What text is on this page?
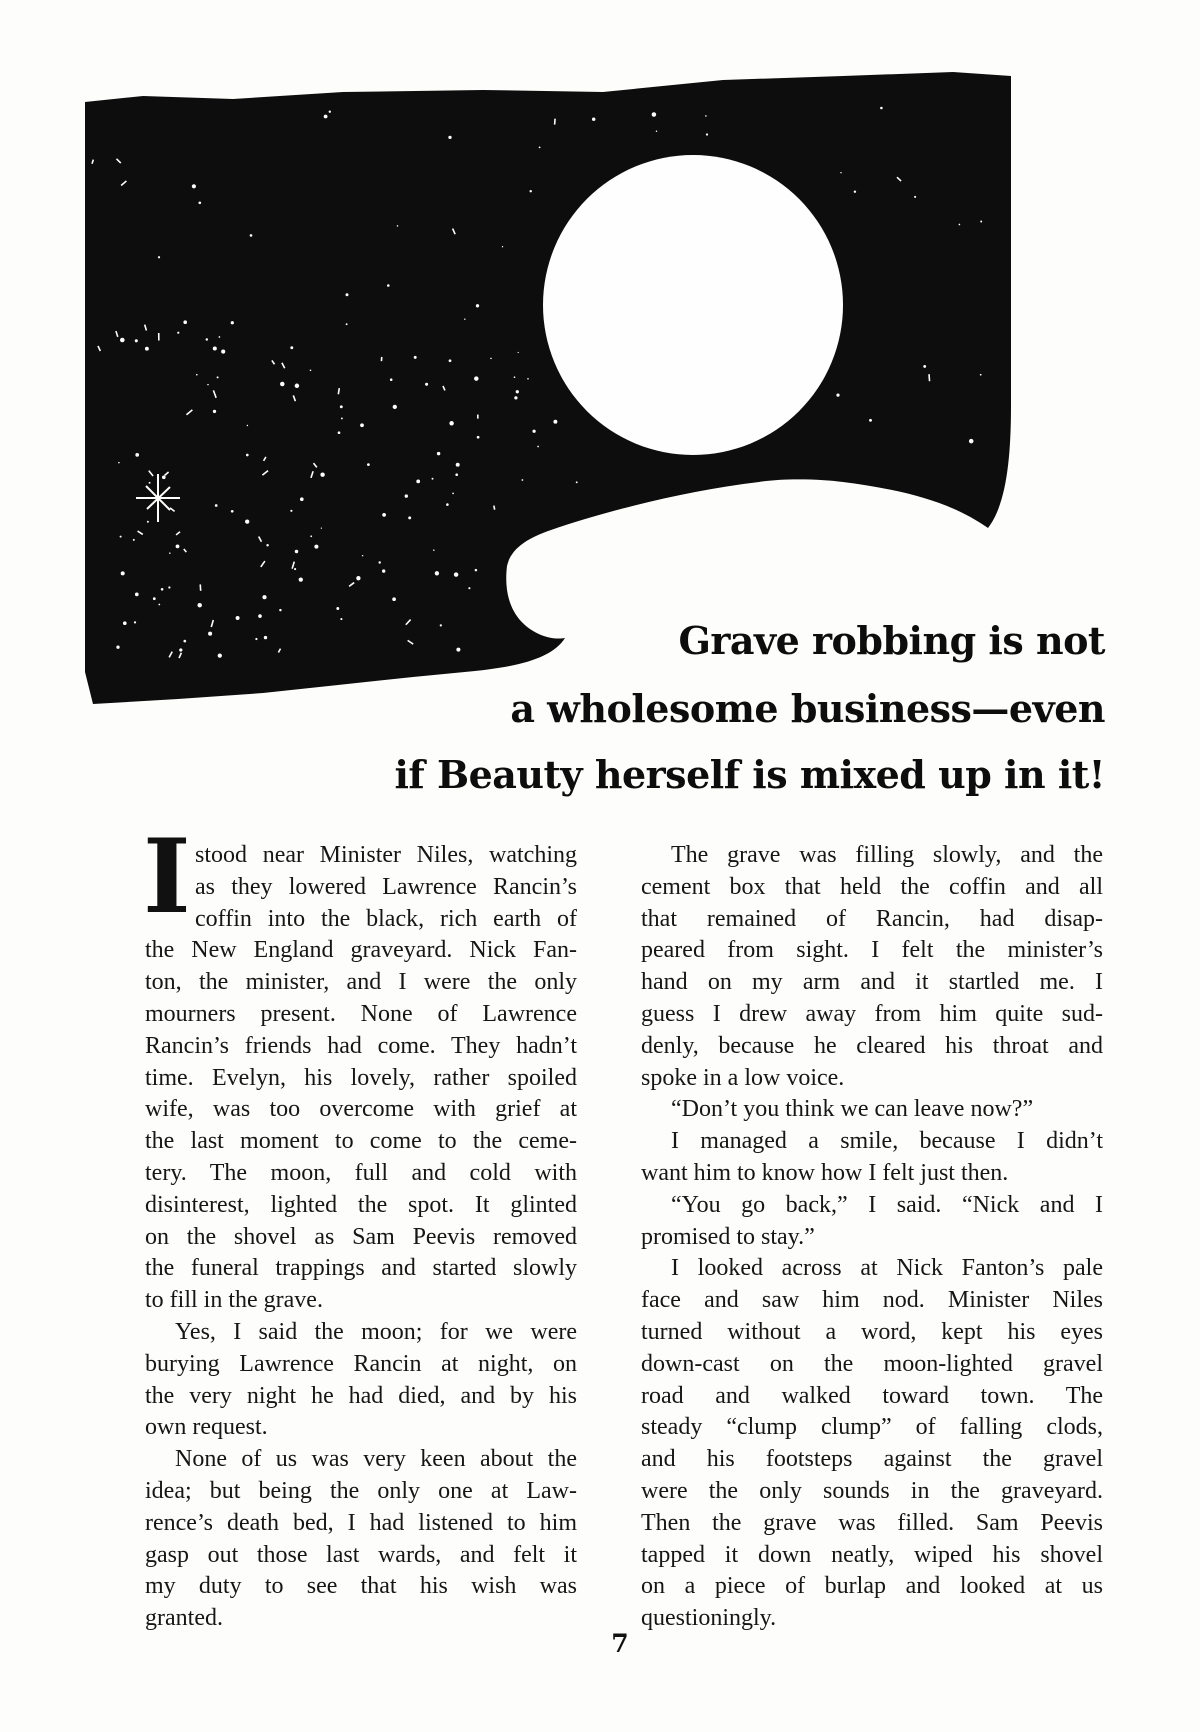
Grave robbing is not
a wholesome business—even
if Beauty herself is mixed up in it!
I stood near Minister Niles, watching
as they lowered Lawrence Rancin’s
coffin into the black, rich earth of
the New England graveyard. Nick Fan-
ton, the minister, and I were the only
mourners present. None of Lawrence
Rancin’s friends had come. They hadn’t
time. Evelyn, his lovely, rather spoiled
wife, was too overcome with grief at
the last moment to come to the ceme-
tery. The moon, full and cold with
disinterest, lighted the spot. It glinted
on the shovel as Sam Peevis removed
the funeral trappings and started slowly
to fill in the grave.
Yes, I said the moon; for we were
burying Lawrence Rancin at night, on
the very night he had died, and by his
own request.
None of us was very keen about the
idea; but being the only one at Law-
rence’s death bed, I had listened to him
gasp out those last wards, and felt it
my duty to see that his wish was
granted.
The grave was filling slowly, and the
cement box that held the coffin and all
that remained of Rancin, had disap-
peared from sight. I felt the minister’s
hand on my arm and it startled me. I
guess I drew away from him quite sud-
denly, because he cleared his throat and
spoke in a low voice.
“Don’t you think we can leave now?”
I managed a smile, because I didn’t
want him to know how I felt just then.
“You go back,” I said. “Nick and I
promised to stay.”
I looked across at Nick Fanton’s pale
face and saw him nod. Minister Niles
turned without a word, kept his eyes
down-cast on the moon-lighted gravel
road and walked toward town. The
steady “clump clump” of falling clods,
and his footsteps against the gravel
were the only sounds in the graveyard.
Then the grave was filled. Sam Peevis
tapped it down neatly, wiped his shovel
on a piece of burlap and looked at us
questioningly.
7
